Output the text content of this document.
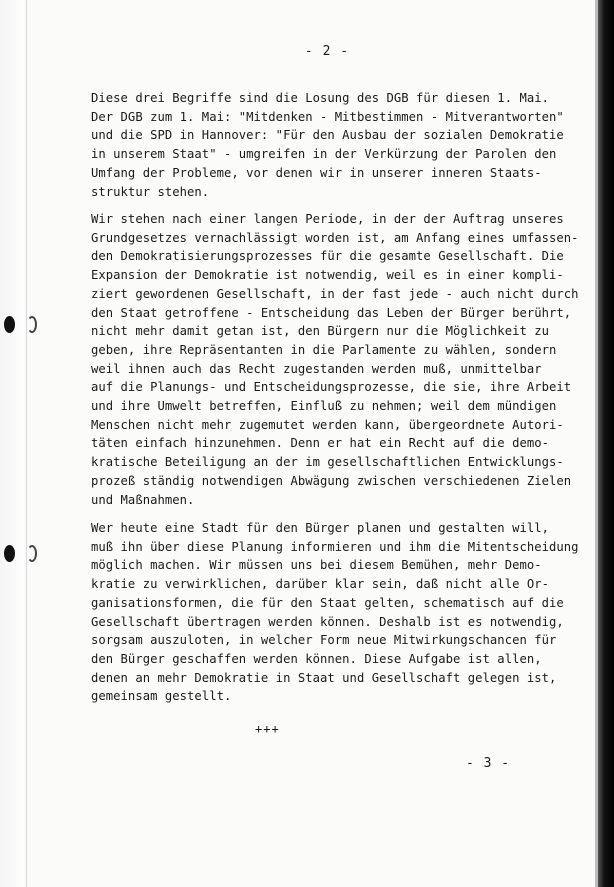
- 2 -
Diese drei Begriffe sind die Losung des DGB für diesen 1. Mai.
Der DGB zum 1. Mai: "Mitdenken - Mitbestimmen - Mitverantworten"
und die SPD in Hannover: "Für den Ausbau der sozialen Demokratie
in unserem Staat" - umgreifen in der Verkürzung der Parolen den
Umfang der Probleme, vor denen wir in unserer inneren Staats-
struktur stehen.
Wir stehen nach einer langen Periode, in der der Auftrag unseres
Grundgesetzes vernachlässigt worden ist, am Anfang eines umfassen-
den Demokratisierungsprozesses für die gesamte Gesellschaft. Die
Expansion der Demokratie ist notwendig, weil es in einer kompli-
ziert gewordenen Gesellschaft, in der fast jede - auch nicht durch
den Staat getroffene - Entscheidung das Leben der Bürger berührt,
nicht mehr damit getan ist, den Bürgern nur die Möglichkeit zu
geben, ihre Repräsentanten in die Parlamente zu wählen, sondern
weil ihnen auch das Recht zugestanden werden muß, unmittelbar
auf die Planungs- und Entscheidungsprozesse, die sie, ihre Arbeit
und ihre Umwelt betreffen, Einfluß zu nehmen; weil dem mündigen
Menschen nicht mehr zugemutet werden kann, übergeordnete Autori-
täten einfach hinzunehmen. Denn er hat ein Recht auf die demo-
kratische Beteiligung an der im gesellschaftlichen Entwicklungs-
prozeß ständig notwendigen Abwägung zwischen verschiedenen Zielen
und Maßnahmen.
Wer heute eine Stadt für den Bürger planen und gestalten will,
muß ihn über diese Planung informieren und ihm die Mitentscheidung
möglich machen. Wir müssen uns bei diesem Bemühen, mehr Demo-
kratie zu verwirklichen, darüber klar sein, daß nicht alle Or-
ganisationsformen, die für den Staat gelten, schematisch auf die
Gesellschaft übertragen werden können. Deshalb ist es notwendig,
sorgsam auszuloten, in welcher Form neue Mitwirkungschancen für
den Bürger geschaffen werden können. Diese Aufgabe ist allen,
denen an mehr Demokratie in Staat und Gesellschaft gelegen ist,
gemeinsam gestellt.
+++
- 3 -
